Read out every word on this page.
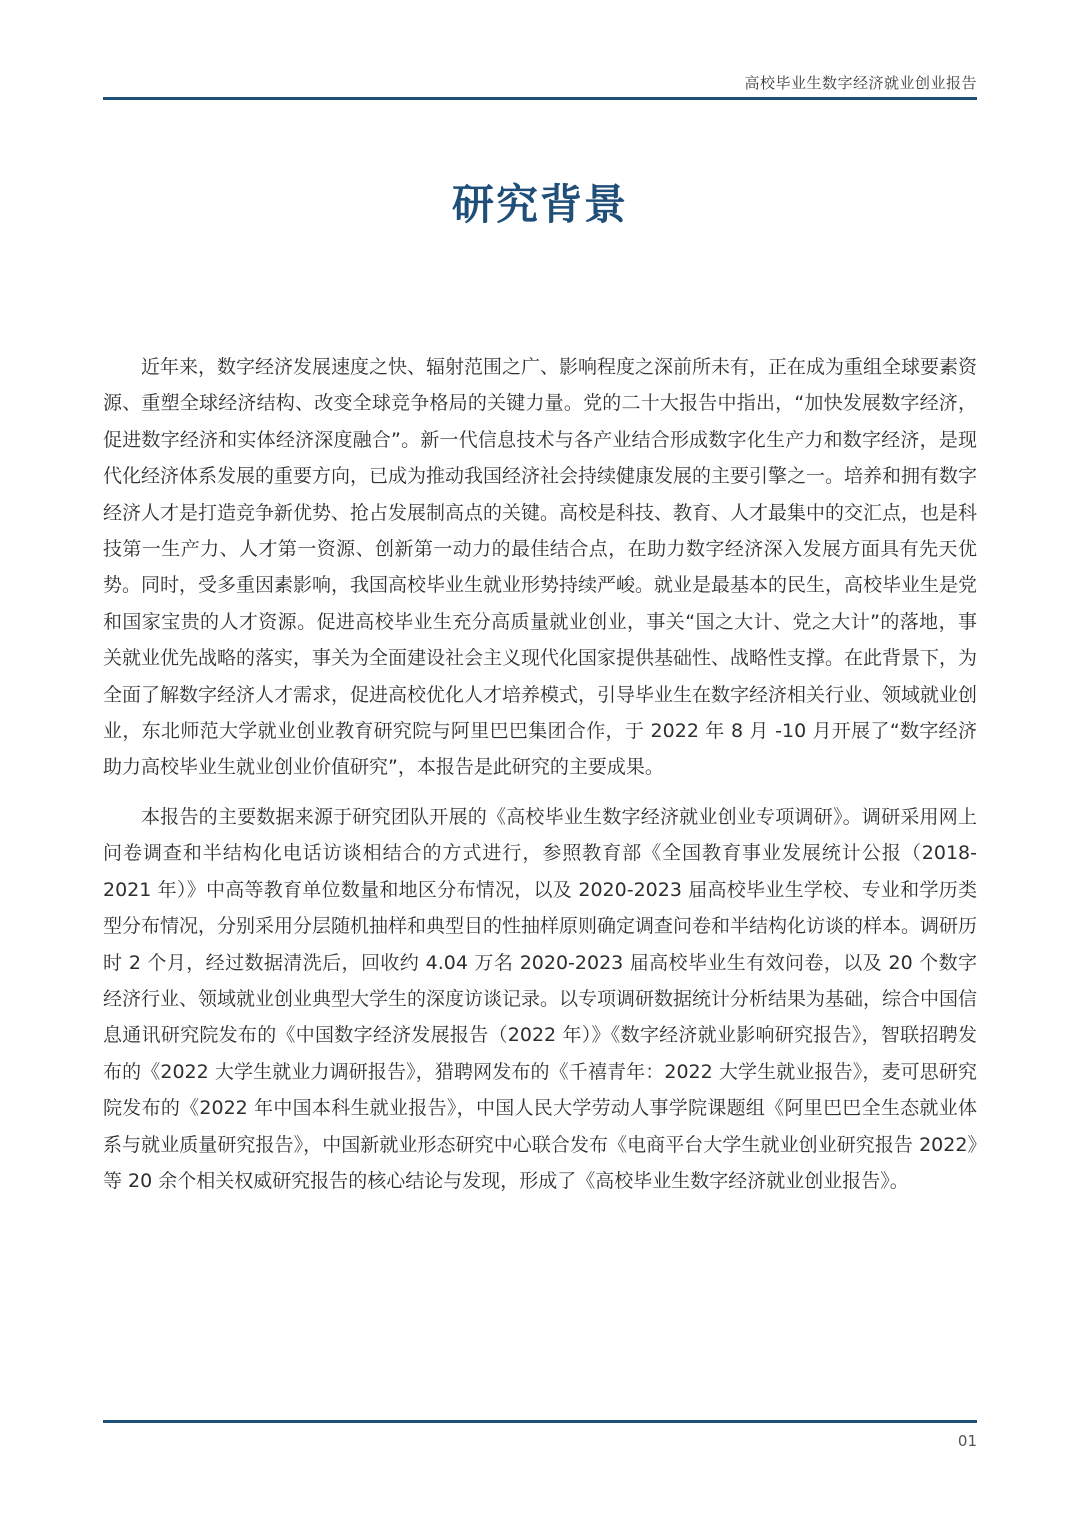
高校毕业生数字经济就业创业报告
研究背景

近年来，数字经济发展速度之快、辐射范围之广、影响程度之深前所未有，正在成为重组全球要素资源、重塑全球经济结构、改变全球竞争格局的关键力量。党的二十大报告中指出，“加快发展数字经济，促进数字经济和实体经济深度融合”。新一代信息技术与各产业结合形成数字化生产力和数字经济，是现代化经济体系发展的重要方向，已成为推动我国经济社会持续健康发展的主要引擎之一。培养和拥有数字经济人才是打造竞争新优势、抢占发展制高点的关键。高校是科技、教育、人才最集中的交汇点，也是科技第一生产力、人才第一资源、创新第一动力的最佳结合点，在助力数字经济深入发展方面具有先天优势。同时，受多重因素影响，我国高校毕业生就业形势持续严峻。就业是最基本的民生，高校毕业生是党和国家宝贵的人才资源。促进高校毕业生充分高质量就业创业，事关“国之大计、党之大计”的落地，事关就业优先战略的落实，事关为全面建设社会主义现代化国家提供基础性、战略性支撑。在此背景下，为全面了解数字经济人才需求，促进高校优化人才培养模式，引导毕业生在数字经济相关行业、领域就业创业，东北师范大学就业创业教育研究院与阿里巴巴集团合作，于 2022 年 8 月 -10 月开展了“数字经济助力高校毕业生就业创业价值研究”，本报告是此研究的主要成果。

本报告的主要数据来源于研究团队开展的《高校毕业生数字经济就业创业专项调研》。调研采用网上问卷调查和半结构化电话访谈相结合的方式进行，参照教育部《全国教育事业发展统计公报（2018-2021 年）》中高等教育单位数量和地区分布情况，以及 2020-2023 届高校毕业生学校、专业和学历类型分布情况，分别采用分层随机抽样和典型目的性抽样原则确定调查问卷和半结构化访谈的样本。调研历时 2 个月，经过数据清洗后，回收约 4.04 万名 2020-2023 届高校毕业生有效问卷，以及 20 个数字经济行业、领域就业创业典型大学生的深度访谈记录。以专项调研数据统计分析结果为基础，综合中国信息通讯研究院发布的《中国数字经济发展报告（2022 年）》《数字经济就业影响研究报告》，智联招聘发布的《2022 大学生就业力调研报告》，猎聘网发布的《千禧青年：2022 大学生就业报告》，麦可思研究院发布的《2022 年中国本科生就业报告》，中国人民大学劳动人事学院课题组《阿里巴巴全生态就业体系与就业质量研究报告》，中国新就业形态研究中心联合发布《电商平台大学生就业创业研究报告 2022》等 20 余个相关权威研究报告的核心结论与发现，形成了《高校毕业生数字经济就业创业报告》。

01
